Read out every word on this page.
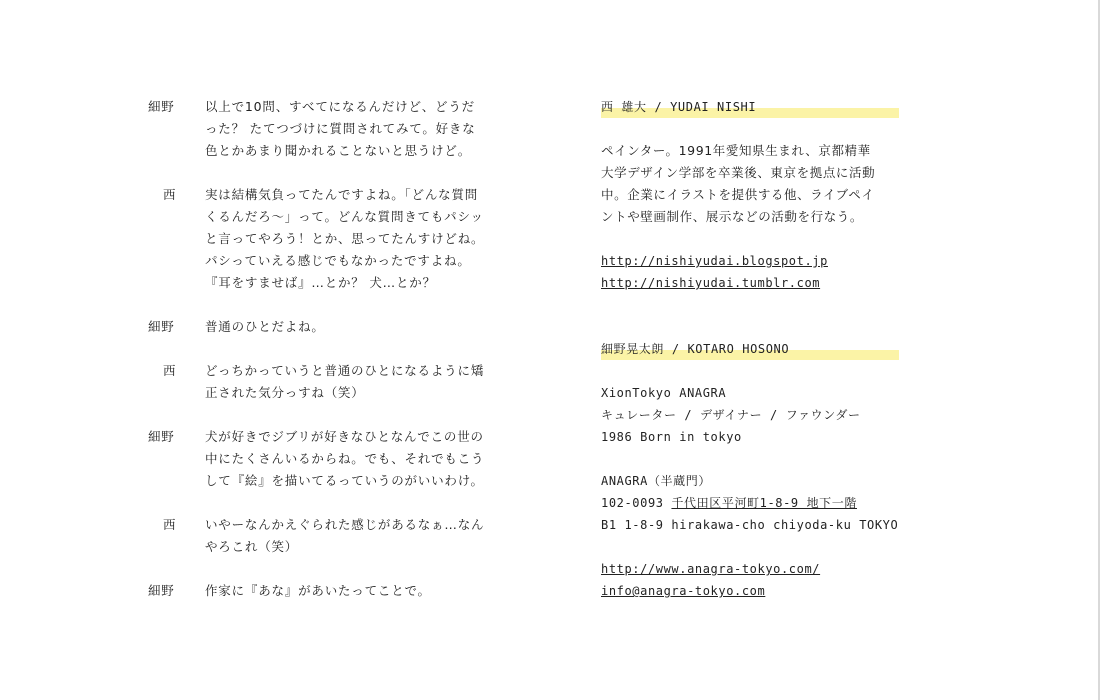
細野	以上で10問、すべてになるんだけど、どうだ
った？ たてつづけに質問されてみて。好きな
色とかあまり聞かれることないと思うけど。
西	実は結構気負ってたんですよね。「どんな質問
くるんだろ～」って。どんな質問きてもパシッ
と言ってやろう！とか、思ってたんすけどね。
パシっていえる感じでもなかったですよね。
『耳をすませば』…とか？ 犬…とか？
細野	普通のひとだよね。
西	どっちかっていうと普通のひとになるように矯
正された気分っすね（笑）
細野	犬が好きでジブリが好きなひとなんでこの世の
中にたくさんいるからね。でも、それでもこう
して『絵』を描いてるっていうのがいいわけ。
西	いやーなんかえぐられた感じがあるなぁ…なん
やろこれ（笑）
細野	作家に『あな』があいたってことで。
西 雄大 / YUDAI NISHI
ペインター。1991年愛知県生まれ、京都精華
大学デザイン学部を卒業後、東京を拠点に活動
中。企業にイラストを提供する他、ライブペイ
ントや壁画制作、展示などの活動を行なう。
http://nishiyudai.blogspot.jp
http://nishiyudai.tumblr.com
細野晃太朗 / KOTARO HOSONO
XionTokyo ANAGRA
キュレーター / デザイナー / ファウンダー
1986 Born in tokyo
ANAGRA（半蔵門）
102-0093 千代田区平河町1-8-9 地下一階
B1 1-8-9 hirakawa-cho chiyoda-ku TOKYO
http://www.anagra-tokyo.com/
info@anagra-tokyo.com
